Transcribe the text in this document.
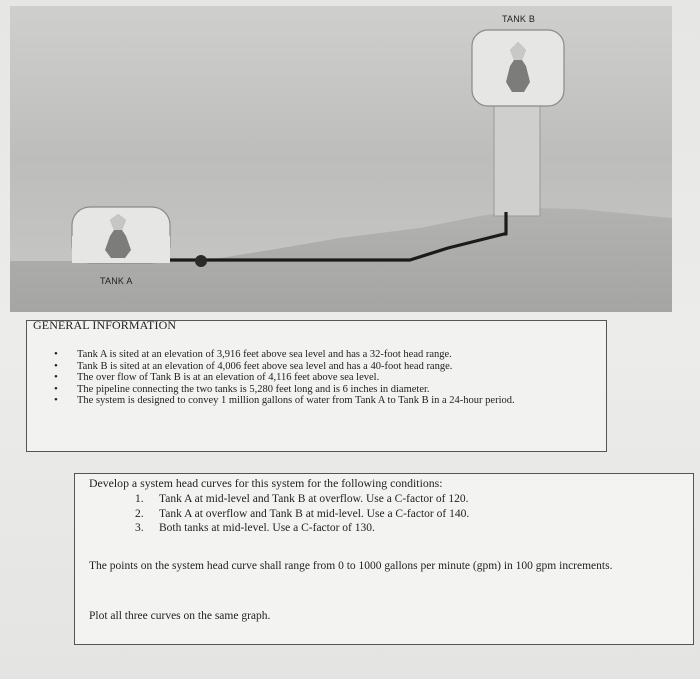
TANK B
TANK A
GENERAL INFORMATION
• Tank A is sited at an elevation of 3,916 feet above sea level and has a 32-foot head range.
• Tank B is sited at an elevation of 4,006 feet above sea level and has a 40-foot head range.
• The over flow of Tank B is at an elevation of 4,116 feet above sea level.
• The pipeline connecting the two tanks is 5,280 feet long and is 6 inches in diameter.
• The system is designed to convey 1 million gallons of water from Tank A to Tank B in a 24-hour period.
Develop a system head curves for this system for the following conditions:
1. Tank A at mid-level and Tank B at overflow. Use a C-factor of 120.
2. Tank A at overflow and Tank B at mid-level. Use a C-factor of 140.
3. Both tanks at mid-level. Use a C-factor of 130.
The points on the system head curve shall range from 0 to 1000 gallons per minute (gpm) in 100 gpm increments.
Plot all three curves on the same graph.
